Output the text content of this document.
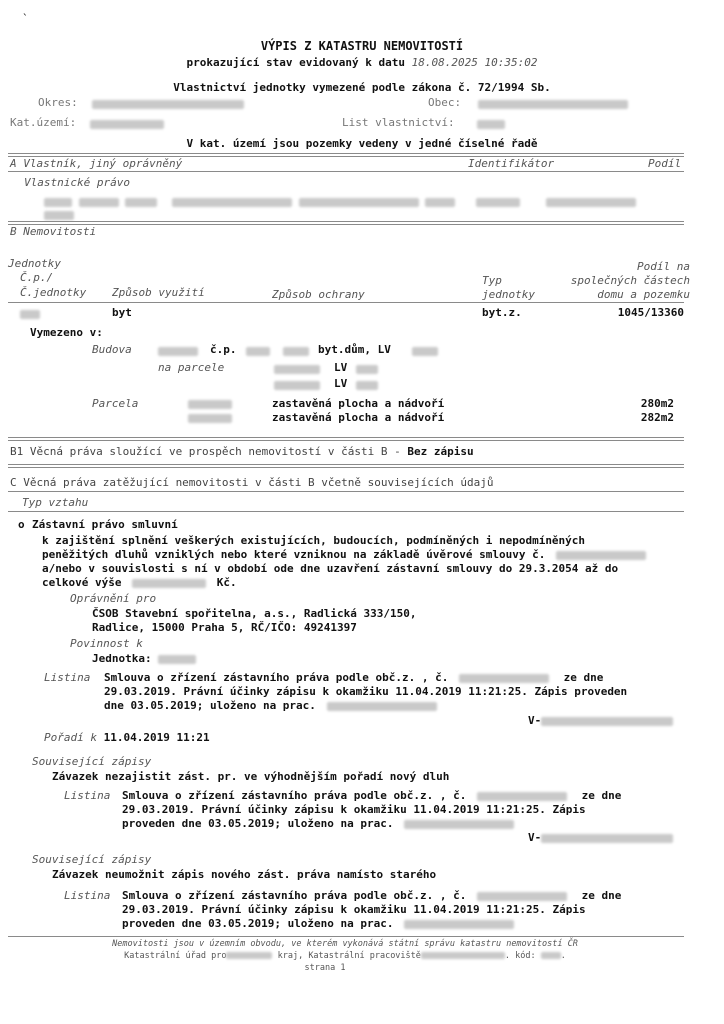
`
VÝPIS Z KATASTRU NEMOVITOSTÍ
prokazující stav evidovaný k datu 18.08.2025 10:35:02
Vlastnictví jednotky vymezené podle zákona č. 72/1994 Sb.
Okres:	Obec:
Kat.území:	List vlastnictví:
V kat. území jsou pozemky vedeny v jedné číselné řadě
A Vlastník, jiný oprávněný	Identifikátor	Podíl
Vlastnické právo

B Nemovitosti
Jednotky
Č.p./
Č.jednotky Způsob využití	Způsob ochrany
Typ
jednotky
Podíl na
společných částech
domu a pozemku
byt	byt.z.	1045/13360
Vymezeno v:
Budova	č.p.
	byt.dům, LV
na parcele	LV
LV
Parcela	zastavěná plocha a nádvoří	280m2
zastavěná plocha a nádvoří	282m2
B1 Věcná práva sloužící ve prospěch nemovitostí v části B - Bez zápisu
C Věcná práva zatěžující nemovitosti v části B včetně souvisejících údajů
Typ vztahu
o Zástavní právo smluvní
k zajištění splnění veškerých existujících, budoucích, podmíněných i nepodmíněných
peněžitých dluhů vzniklých nebo které vzniknou na základě úvěrové smlouvy č.
a/nebo v souvislosti s ní v období ode dne uzavření zástavní smlouvy do 29.3.2054 až do
celkové výše	Kč.
Oprávnění pro
ČSOB Stavební spořitelna, a.s., Radlická 333/150,
Radlice, 15000 Praha 5, RČ/IČO: 49241397
Povinnost k
Jednotka:
Listina Smlouva o zřízení zástavního práva podle obč.z. , č.	ze dne
29.03.2019. Právní účinky zápisu k okamžiku 11.04.2019 11:21:25. Zápis proveden
dne 03.05.2019; uloženo na prac.
V-
Pořadí k 11.04.2019 11:21
Související zápisy
Závazek nezajistit zást. pr. ve výhodnějším pořadí nový dluh
Listina Smlouva o zřízení zástavního práva podle obč.z. , č.	ze dne
29.03.2019. Právní účinky zápisu k okamžiku 11.04.2019 11:21:25. Zápis
proveden dne 03.05.2019; uloženo na prac.
V-
Související zápisy
Závazek neumožnit zápis nového zást. práva namísto starého
Listina Smlouva o zřízení zástavního práva podle obč.z. , č.	ze dne
29.03.2019. Právní účinky zápisu k okamžiku 11.04.2019 11:21:25. Zápis
proveden dne 03.05.2019; uloženo na prac.
Nemovitosti jsou v územním obvodu, ve kterém vykonává státní správu katastru nemovitostí ČR
Katastrální úřad pro	kraj, Katastrální pracoviště	. kód:	.
strana 1
